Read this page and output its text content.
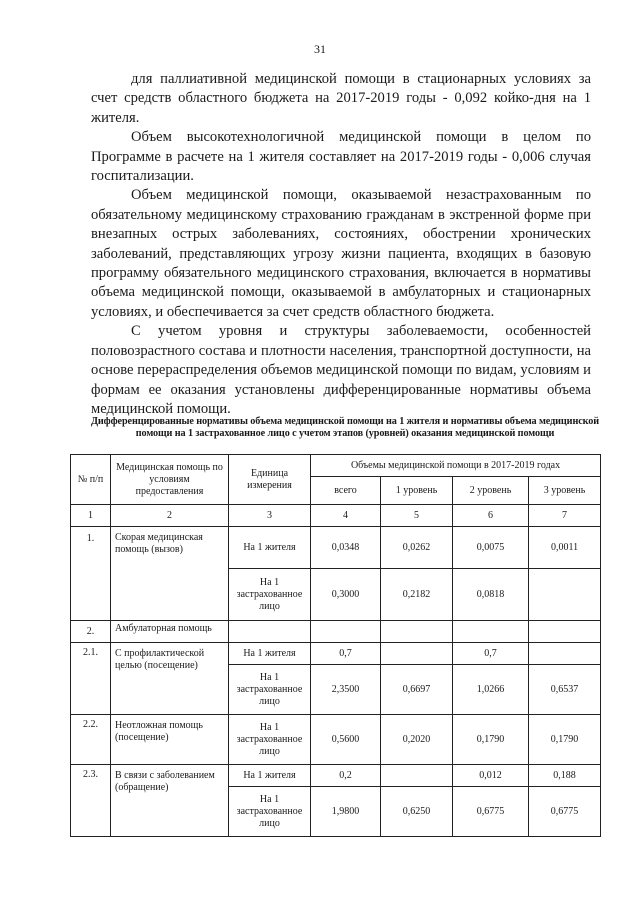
31

для паллиативной медицинской помощи в стационарных условиях за счет средств областного бюджета на 2017-2019 годы - 0,092 койко-дня на 1 жителя.

Объем высокотехнологичной медицинской помощи в целом по Программе в расчете на 1 жителя составляет на 2017-2019 годы - 0,006 случая госпитализации.

Объем медицинской помощи, оказываемой незастрахованным по обязательному медицинскому страхованию гражданам в экстренной форме при внезапных острых заболеваниях, состояниях, обострении хронических заболеваний, представляющих угрозу жизни пациента, входящих в базовую программу обязательного медицинского страхования, включается в нормативы объема медицинской помощи, оказываемой в амбулаторных и стационарных условиях, и обеспечивается за счет средств областного бюджета.

С учетом уровня и структуры заболеваемости, особенностей половозрастного состава и плотности населения, транспортной доступности, на основе перераспределения объемов медицинской помощи по видам, условиям и формам ее оказания установлены дифференцированные нормативы объема медицинской помощи.

Дифференцированные нормативы объема медицинской помощи на 1 жителя и нормативы объема медицинской помощи на 1 застрахованное лицо с учетом этапов (уровней) оказания медицинской помощи
№ п/п	Медицинская помощь по условиям предоставления	Единица измерения	Объемы медицинской помощи в 2017-2019 годах			
			всего	1 уровень	2 уровень	3 уровень
1	2	3	4	5	6	7
1.	Скорая медицинская помощь (вызов)	На 1 жителя	0,0348	0,0262	0,0075	0,0011
		На 1 застрахованное лицо	0,3000	0,2182	0,0818	
2.	Амбулаторная помощь					
2.1.	С профилактической целью (посещение)	На 1 жителя	0,7		0,7	
		На 1 застрахованное лицо	2,3500	0,6697	1,0266	0,6537
2.2.	Неотложная помощь (посещение)	На 1 застрахованное лицо	0,5600	0,2020	0,1790	0,1790
2.3.	В связи с заболеванием (обращение)	На 1 жителя	0,2		0,012	0,188
		На 1 застрахованное лицо	1,9800	0,6250	0,6775	0,6775
